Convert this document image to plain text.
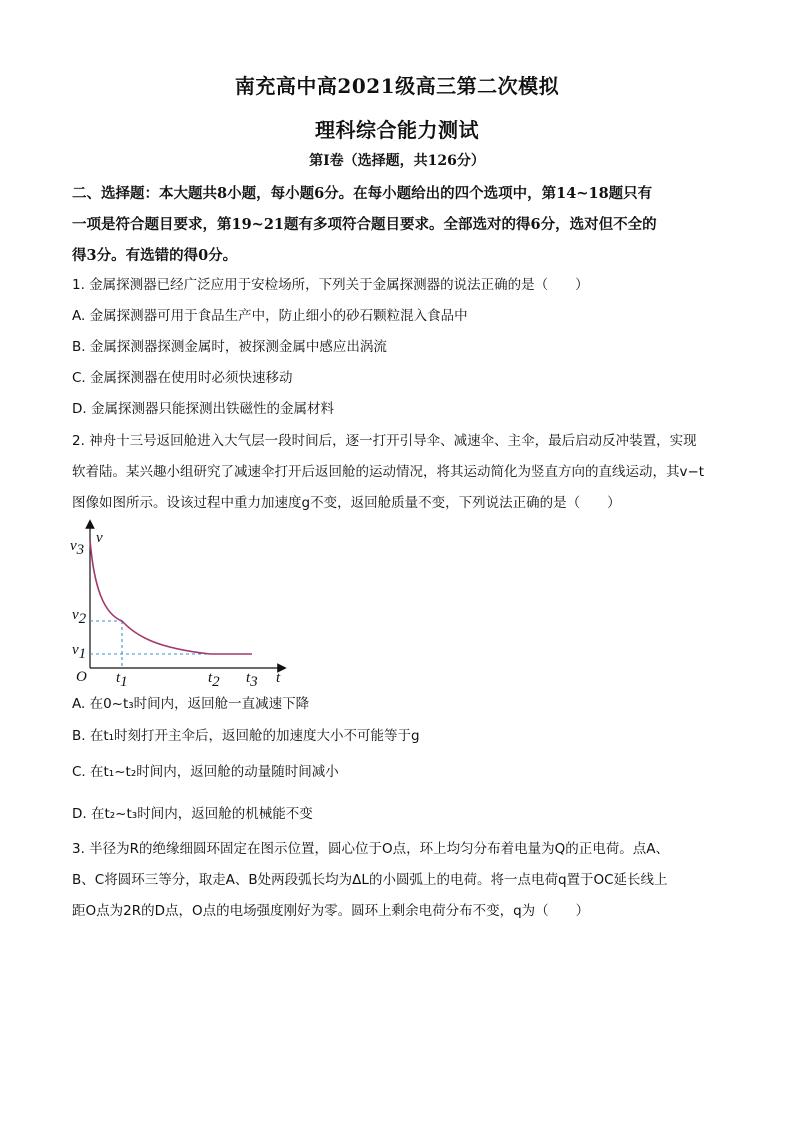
南充高中高2021级高三第二次模拟
理科综合能力测试
第Ⅰ卷（选择题，共126分）
二、选择题：本大题共8小题，每小题6分。在每小题给出的四个选项中，第14~18题只有
一项是符合题目要求，第19~21题有多项符合题目要求。全部选对的得6分，选对但不全的
得3分。有选错的得0分。

1. 金属探测器已经广泛应用于安检场所，下列关于金属探测器的说法正确的是（　　）

A. 金属探测器可用于食品生产中，防止细小的砂石颗粒混入食品中

B. 金属探测器探测金属时，被探测金属中感应出涡流

C. 金属探测器在使用时必须快速移动

D. 金属探测器只能探测出铁磁性的金属材料

2. 神舟十三号返回舱进入大气层一段时间后，逐一打开引导伞、减速伞、主伞，最后启动反冲装置，实现

软着陆。某兴趣小组研究了减速伞打开后返回舱的运动情况，将其运动简化为竖直方向的直线运动，其v−t

图像如图所示。设该过程中重力加速度g不变，返回舱质量不变，下列说法正确的是（　　）

v3
v
v2
v1
O t1	t2 t3 t
A. 在0~t₃时间内，返回舱一直减速下降
B. 在t₁时刻打开主伞后，返回舱的加速度大小不可能等于g
C. 在t₁~t₂时间内，返回舱的动量随时间减小
D. 在t₂~t₃时间内，返回舱的机械能不变

3. 半径为R的绝缘细圆环固定在图示位置，圆心位于O点，环上均匀分布着电量为Q的正电荷。点A、

B、C将圆环三等分，取走A、B处两段弧长均为ΔL的小圆弧上的电荷。将一点电荷q置于OC延长线上

距O点为2R的D点，O点的电场强度刚好为零。圆环上剩余电荷分布不变，q为（　　）
